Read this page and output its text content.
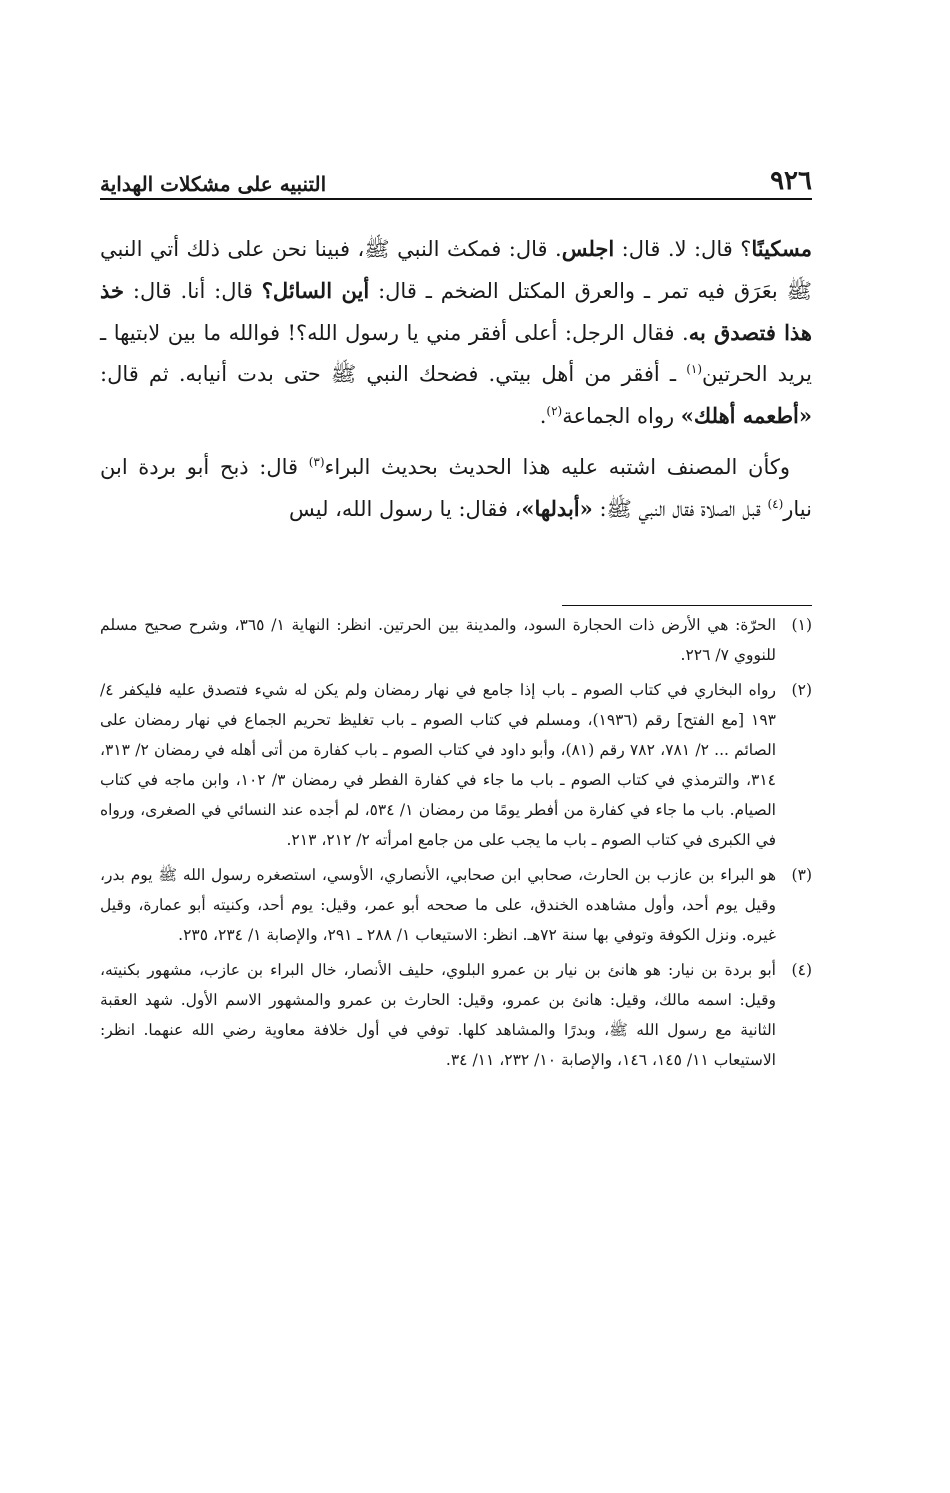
٩٢٦
التنبيه على مشكلات الهداية

مسكينًا؟ قال: لا. قال: اجلس. قال: فمكث النبي ﷺ، فبينا نحن على ذلك أتي النبي ﷺ بعَرَق فيه تمر ـ والعرق المكتل الضخم ـ قال: أين السائل؟ قال: أنا. قال: خذ هذا فتصدق به. فقال الرجل: أعلى أفقر مني يا رسول الله؟! فوالله ما بين لابتيها ـ يريد الحرتين$^{(١)}$ ـ أفقر من أهل بيتي. فضحك النبي ﷺ حتى بدت أنيابه. ثم قال: «أطعمه أهلك» رواه الجماعة$^{(٢)}$.

وكأن المصنف اشتبه عليه هذا الحديث بحديث البراء$^{(٣)}$ قال: ذبح أبو بردة ابن نيار$^{(٤)}$ قبل الصلاة فقال النبي ﷺ: «أبدلها»، فقال: يا رسول الله، ليس

(١)
الحرّة: هي الأرض ذات الحجارة السود، والمدينة بين الحرتين. انظر: النهاية ١/ ٣٦٥، وشرح صحيح مسلم للنووي ٧/ ٢٢٦.
(٢)
رواه البخاري في كتاب الصوم ـ باب إذا جامع في نهار رمضان ولم يكن له شيء فتصدق عليه فليكفر ٤/ ١٩٣ [مع الفتح] رقم (١٩٣٦)، ومسلم في كتاب الصوم ـ باب تغليظ تحريم الجماع في نهار رمضان على الصائم ... ٢/ ٧٨١، ٧٨٢ رقم (٨١)، وأبو داود في كتاب الصوم ـ باب كفارة من أتى أهله في رمضان ٢/ ٣١٣، ٣١٤، والترمذي في كتاب الصوم ـ باب ما جاء في كفارة الفطر في رمضان ٣/ ١٠٢، وابن ماجه في كتاب الصيام. باب ما جاء في كفارة من أفطر يومًا من رمضان ١/ ٥٣٤، لم أجده عند النسائي في الصغرى، ورواه في الكبرى في كتاب الصوم ـ باب ما يجب على من جامع امرأته ٢/ ٢١٢، ٢١٣.
(٣)
هو البراء بن عازب بن الحارث، صحابي ابن صحابي، الأنصاري، الأوسي، استصغره رسول الله ﷺ يوم بدر، وقيل يوم أحد، وأول مشاهده الخندق، على ما صححه أبو عمر، وقيل: يوم أحد، وكنيته أبو عمارة، وقيل غيره. ونزل الكوفة وتوفي بها سنة ٧٢هـ. انظر: الاستيعاب ١/ ٢٨٨ ـ ٢٩١، والإصابة ١/ ٢٣٤، ٢٣٥.
(٤)
أبو بردة بن نيار: هو هانئ بن نيار بن عمرو البلوي، حليف الأنصار، خال البراء بن عازب، مشهور بكنيته، وقيل: اسمه مالك، وقيل: هانئ بن عمرو، وقيل: الحارث بن عمرو والمشهور الاسم الأول. شهد العقبة الثانية مع رسول الله ﷺ، وبدرًا والمشاهد كلها. توفي في أول خلافة معاوية رضي الله عنهما. انظر: الاستيعاب ١١/ ١٤٥، ١٤٦، والإصابة ١٠/ ٢٣٢، ١١/ ٣٤.
